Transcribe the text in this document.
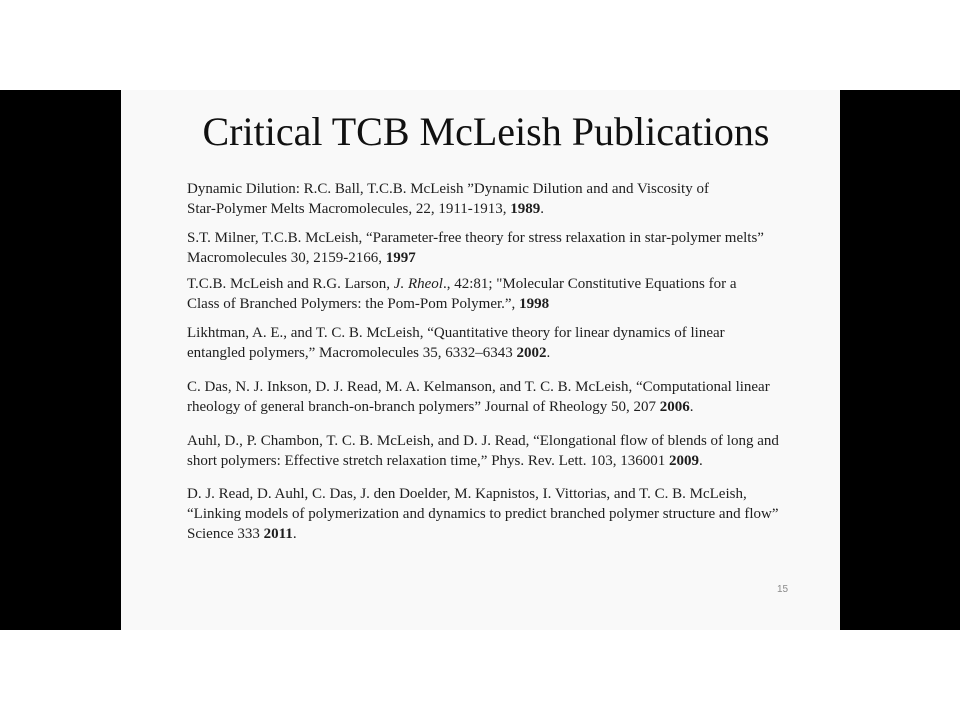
Critical TCB McLeish Publications
Dynamic Dilution: R.C. Ball, T.C.B. McLeish ”Dynamic Dilution and and Viscosity of
Star-Polymer Melts Macromolecules, 22, 1911-1913, 1989.
S.T. Milner, T.C.B. McLeish, “Parameter-free theory for stress relaxation in star-polymer melts”
Macromolecules 30, 2159-2166, 1997
T.C.B. McLeish and R.G. Larson, J. Rheol., 42:81; "Molecular Constitutive Equations for a
Class of Branched Polymers: the Pom-Pom Polymer.”, 1998
Likhtman, A. E., and T. C. B. McLeish, “Quantitative theory for linear dynamics of linear
entangled polymers,” Macromolecules 35, 6332–6343 2002.
C. Das, N. J. Inkson, D. J. Read, M. A. Kelmanson, and T. C. B. McLeish, “Computational linear
rheology of general branch-on-branch polymers” Journal of Rheology 50, 207 2006.
Auhl, D., P. Chambon, T. C. B. McLeish, and D. J. Read, “Elongational flow of blends of long and
short polymers: Effective stretch relaxation time,” Phys. Rev. Lett. 103, 136001 2009.
D. J. Read, D. Auhl, C. Das, J. den Doelder, M. Kapnistos, I. Vittorias, and T. C. B. McLeish,
“Linking models of polymerization and dynamics to predict branched polymer structure and flow”
Science 333 2011.
15
